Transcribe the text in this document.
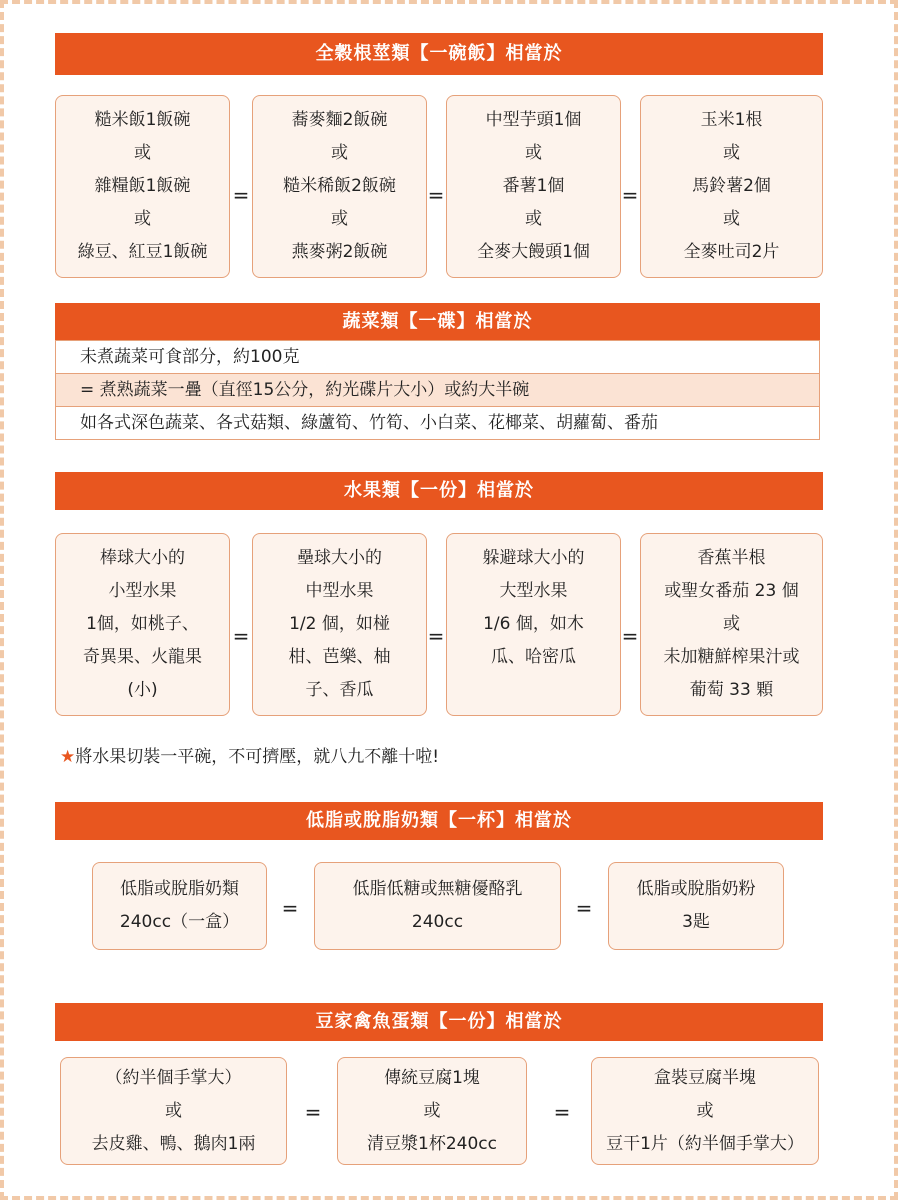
全穀根莖類【一碗飯】相當於
糙米飯1飯碗
或
雜糧飯1飯碗
或
綠豆、紅豆1飯碗
=
蕎麥麵2飯碗
或
糙米稀飯2飯碗
或
燕麥粥2飯碗
=
中型芋頭1個
或
番薯1個
或
全麥大饅頭1個
=
玉米1根
或
馬鈴薯2個
或
全麥吐司2片
蔬菜類【一碟】相當於
未煮蔬菜可食部分，約100克
= 煮熟蔬菜一疊（直徑15公分，約光碟片大小）或約大半碗
如各式深色蔬菜、各式菇類、綠蘆筍、竹筍、小白菜、花椰菜、胡蘿蔔、番茄
水果類【一份】相當於
棒球大小的
小型水果
1個，如桃子、
奇異果、火龍果
(小)
=
壘球大小的
中型水果
1/2 個，如椪
柑、芭樂、柚
子、香瓜
=
躲避球大小的
大型水果
1/6 個，如木
瓜、哈密瓜
=
香蕉半根
或聖女番茄 23 個
或
未加糖鮮榨果汁或
葡萄 33 顆
★將水果切裝一平碗，不可擠壓，就八九不離十啦!
低脂或脫脂奶類【一杯】相當於
低脂或脫脂奶類
240cc（一盒）
=
低脂低糖或無糖優酪乳
240cc
=
低脂或脫脂奶粉
3匙
豆家禽魚蛋類【一份】相當於
（約半個手掌大）
或
去皮雞、鴨、鵝肉1兩
=
傳統豆腐1塊
或
清豆漿1杯240cc
=
盒裝豆腐半塊
或
豆干1片（約半個手掌大）
